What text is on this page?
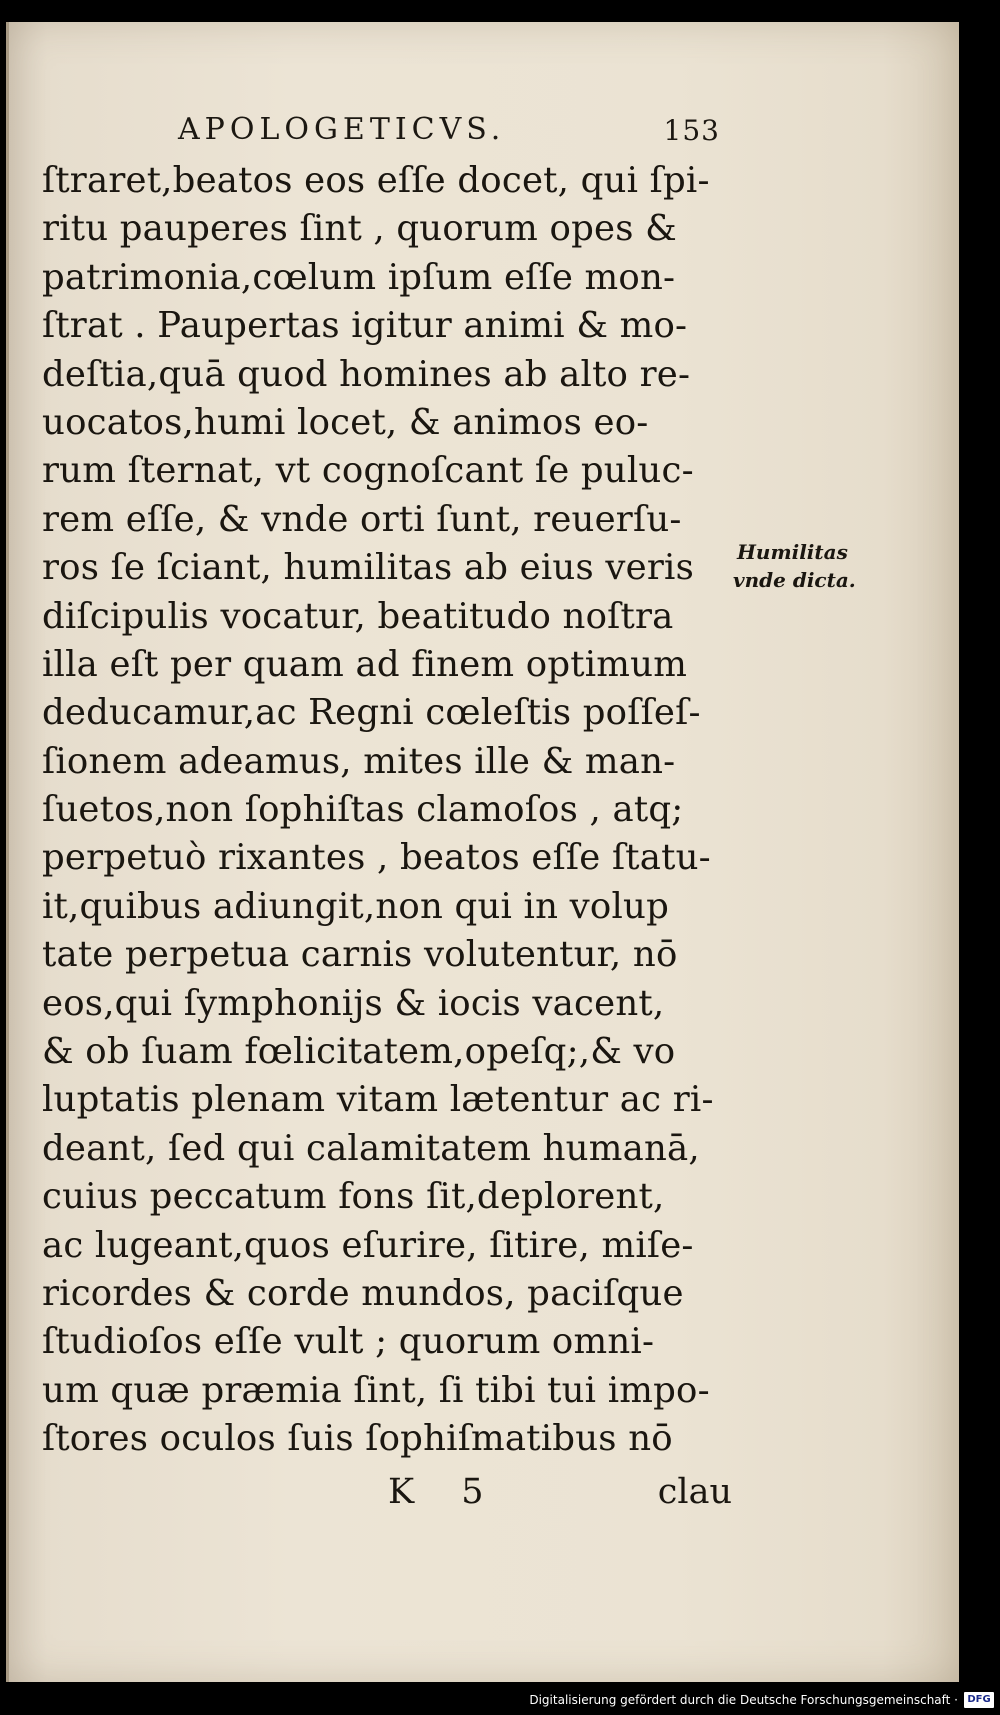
APOLOGETICVS.	153
ſtraret,beatos eos eſſe docet, qui ſpi-
ritu pauperes ſint , quorum opes &
patrimonia,cœlum ipſum eſſe mon-
ſtrat . Paupertas igitur animi & mo-
deſtia,quā quod homines ab alto re-
uocatos,humi locet, & animos eo-
rum ſternat, vt cognoſcant ſe puluc-
rem eſſe, & vnde orti ſunt, reuerſu-
ros ſe ſciant, humilitas ab eius veris
diſcipulis vocatur, beatitudo noſtra
illa eſt per quam ad finem optimum
deducamur,ac Regni cœleſtis poſſeſ-
ſionem adeamus, mites ille & man-
ſuetos,non ſophiſtas clamoſos , atq;
perpetuò rixantes , beatos eſſe ſtatu-
it,quibus adiungit,non qui in volup
tate perpetua carnis volutentur, nō
eos,qui ſymphonijs & iocis vacent,
& ob ſuam fœlicitatem,opeſq;,& vo
luptatis plenam vitam lætentur ac ri-
deant, ſed qui calamitatem humanā,
cuius peccatum fons ſit,deplorent,
ac lugeant,quos eſurire, ſitire, miſe-
ricordes & corde mundos, paciſque
ſtudioſos eſſe vult ; quorum omni-
um quæ præmia ſint, ſi tibi tui impo-
ſtores oculos ſuis ſophiſmatibus nō
Humilitas
vnde dicta.
K 5	clau
Digitalisierung gefördert durch die Deutsche Forschungsgemeinschaft · DFG
